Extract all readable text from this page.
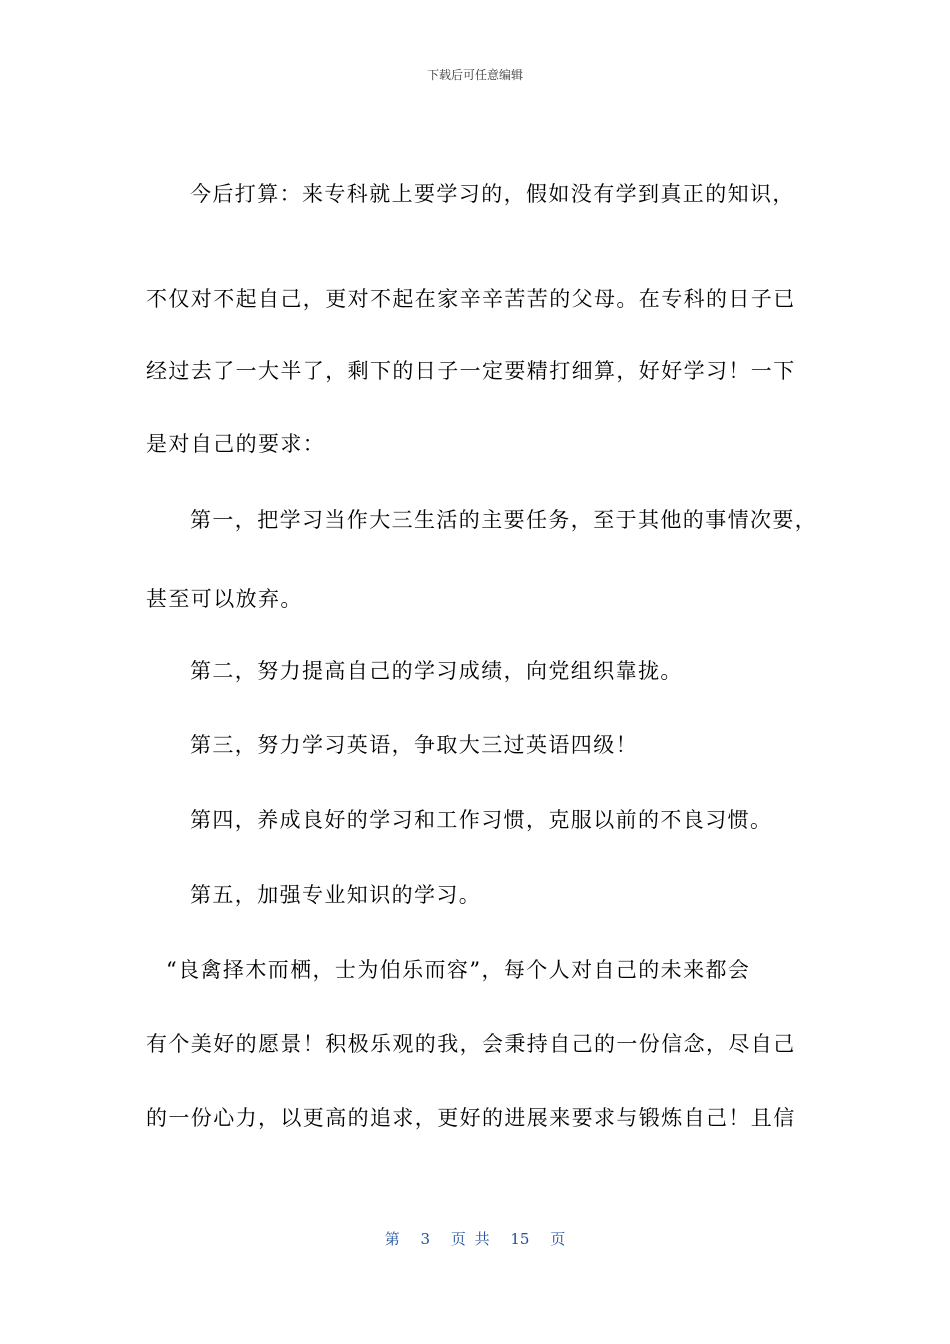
下载后可任意编辑
今后打算：来专科就上要学习的，假如没有学到真正的知识，
不仅对不起自己，更对不起在家辛辛苦苦的父母。在专科的日子已
经过去了一大半了，剩下的日子一定要精打细算，好好学习！一下
是对自己的要求：
第一，把学习当作大三生活的主要任务，至于其他的事情次要，
甚至可以放弃。
第二，努力提高自己的学习成绩，向党组织靠拢。
第三，努力学习英语，争取大三过英语四级！
第四，养成良好的学习和工作习惯，克服以前的不良习惯。
第五，加强专业知识的学习。
“良禽择木而栖，士为伯乐而容”，每个人对自己的未来都会
有个美好的愿景！积极乐观的我，会秉持自己的一份信念，尽自己
的一份心力，以更高的追求，更好的进展来要求与锻炼自己！且信
第 3 页 共 15 页
